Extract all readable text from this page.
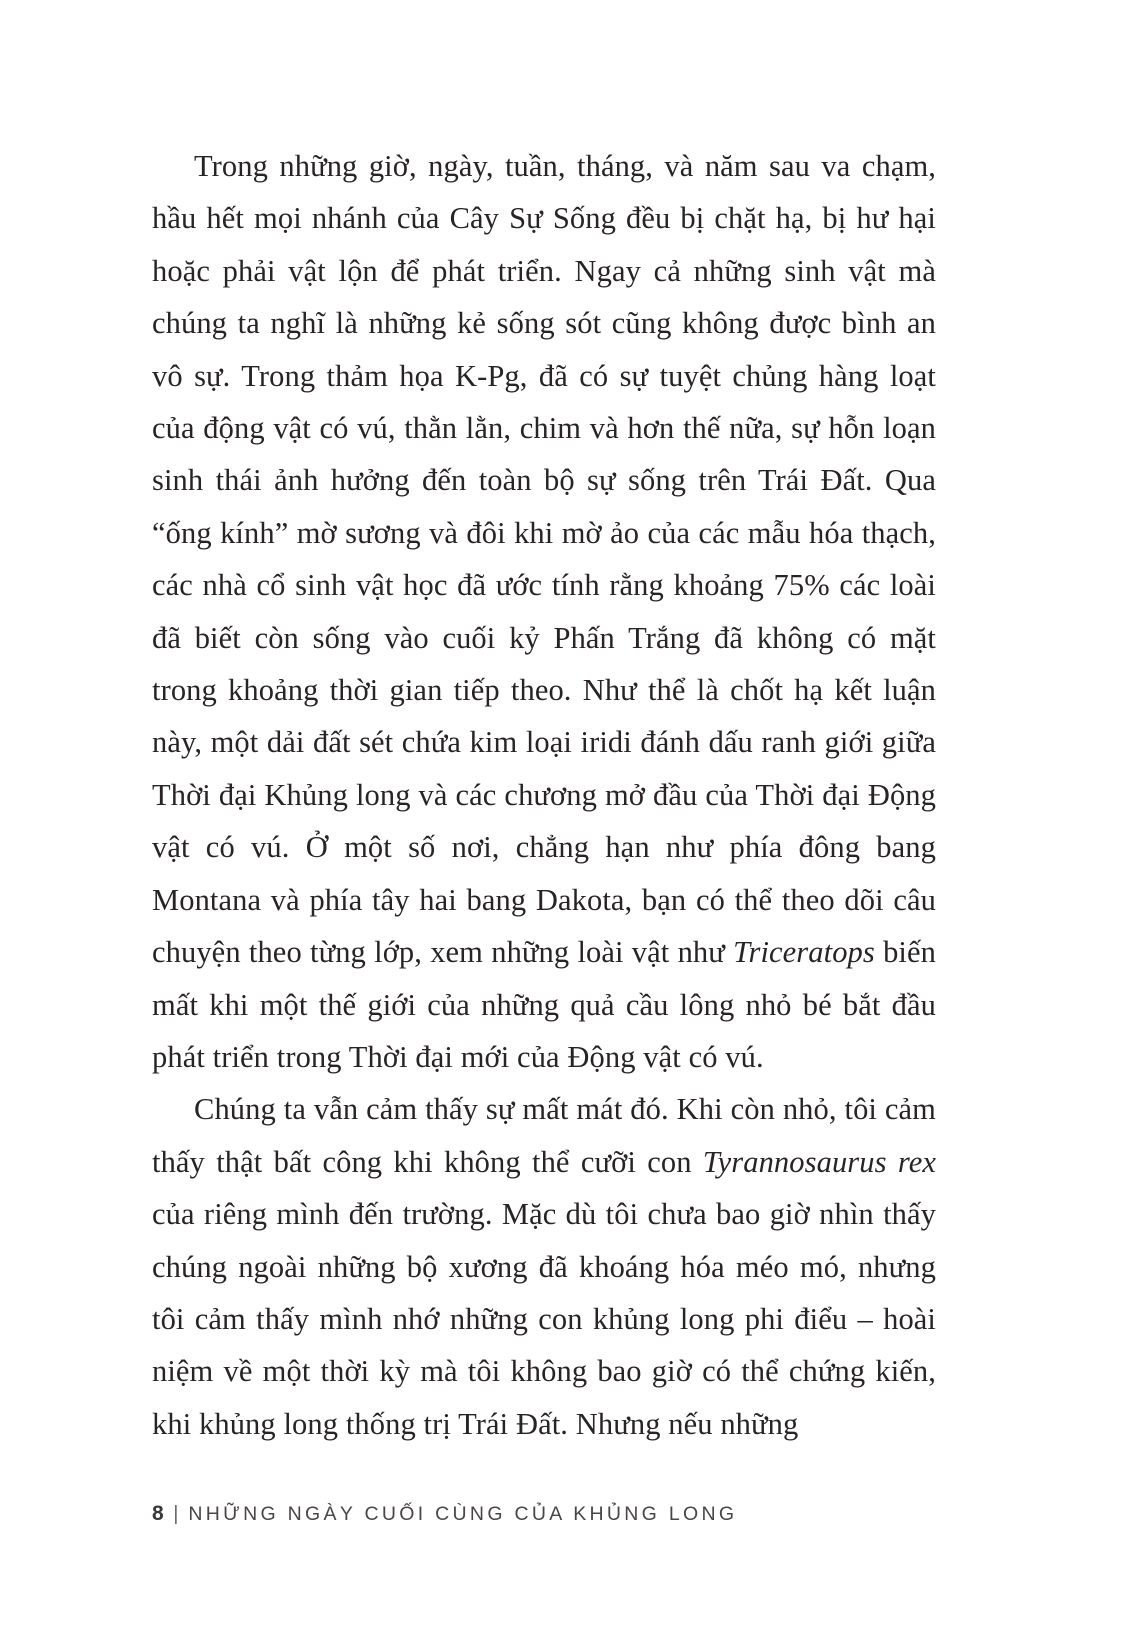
Trong những giờ, ngày, tuần, tháng, và năm sau va chạm, hầu hết mọi nhánh của Cây Sự Sống đều bị chặt hạ, bị hư hại hoặc phải vật lộn để phát triển. Ngay cả những sinh vật mà chúng ta nghĩ là những kẻ sống sót cũng không được bình an vô sự. Trong thảm họa K-Pg, đã có sự tuyệt chủng hàng loạt của động vật có vú, thằn lằn, chim và hơn thế nữa, sự hỗn loạn sinh thái ảnh hưởng đến toàn bộ sự sống trên Trái Đất. Qua “ống kính” mờ sương và đôi khi mờ ảo của các mẫu hóa thạch, các nhà cổ sinh vật học đã ước tính rằng khoảng 75% các loài đã biết còn sống vào cuối kỷ Phấn Trắng đã không có mặt trong khoảng thời gian tiếp theo. Như thể là chốt hạ kết luận này, một dải đất sét chứa kim loại iridi đánh dấu ranh giới giữa Thời đại Khủng long và các chương mở đầu của Thời đại Động vật có vú. Ở một số nơi, chẳng hạn như phía đông bang Montana và phía tây hai bang Dakota, bạn có thể theo dõi câu chuyện theo từng lớp, xem những loài vật như Triceratops biến mất khi một thế giới của những quả cầu lông nhỏ bé bắt đầu phát triển trong Thời đại mới của Động vật có vú.

Chúng ta vẫn cảm thấy sự mất mát đó. Khi còn nhỏ, tôi cảm thấy thật bất công khi không thể cưỡi con Tyrannosaurus rex của riêng mình đến trường. Mặc dù tôi chưa bao giờ nhìn thấy chúng ngoài những bộ xương đã khoáng hóa méo mó, nhưng tôi cảm thấy mình nhớ những con khủng long phi điểu – hoài niệm về một thời kỳ mà tôi không bao giờ có thể chứng kiến, khi khủng long thống trị Trái Đất. Nhưng nếu những

8 | NHỮNG NGÀY CUỐI CÙNG CỦA KHỦNG LONG
